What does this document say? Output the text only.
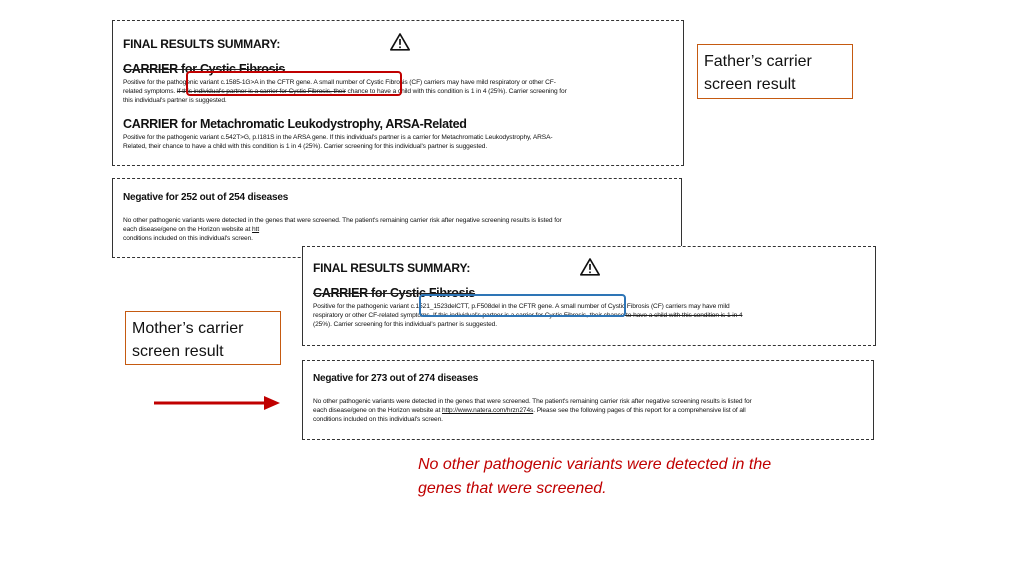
FINAL RESULTS SUMMARY:
CARRIER for Cystic Fibrosis
Positive for the pathogenic variant c.1585-1G>A in the CFTR gene. A small number of Cystic Fibrosis (CF) carriers may have mild respiratory or other CF-
related symptoms. If this individual's partner is a carrier for Cystic Fibrosis, their chance to have a child with this condition is 1 in 4 (25%). Carrier screening for
this individual's partner is suggested.
CARRIER for Metachromatic Leukodystrophy, ARSA-Related
Positive for the pathogenic variant c.542T>G, p.I181S in the ARSA gene. If this individual's partner is a carrier for Metachromatic Leukodystrophy, ARSA-
Related, their chance to have a child with this condition is 1 in 4 (25%). Carrier screening for this individual's partner is suggested.
Negative for 252 out of 254 diseases
No other pathogenic variants were detected in the genes that were screened. The patient's remaining carrier risk after negative screening results is listed for
each disease/gene on the Horizon website at htt
conditions included on this individual's screen.
FINAL RESULTS SUMMARY:
CARRIER for Cystic Fibrosis
Positive for the pathogenic variant c.1521_1523delCTT, p.F508del in the CFTR gene. A small number of Cystic Fibrosis (CF) carriers may have mild
respiratory or other CF-related symptoms. If this individual's partner is a carrier for Cystic Fibrosis, their chance to have a child with this condition is 1 in 4
(25%). Carrier screening for this individual's partner is suggested.
Negative for 273 out of 274 diseases
No other pathogenic variants were detected in the genes that were screened. The patient's remaining carrier risk after negative screening results is listed for
each disease/gene on the Horizon website at http://www.natera.com/hrzn274s. Please see the following pages of this report for a comprehensive list of all
conditions included on this individual's screen.
Father’s carrier screen result
Mother’s carrier screen result
No other pathogenic variants were detected in the genes that were screened.
